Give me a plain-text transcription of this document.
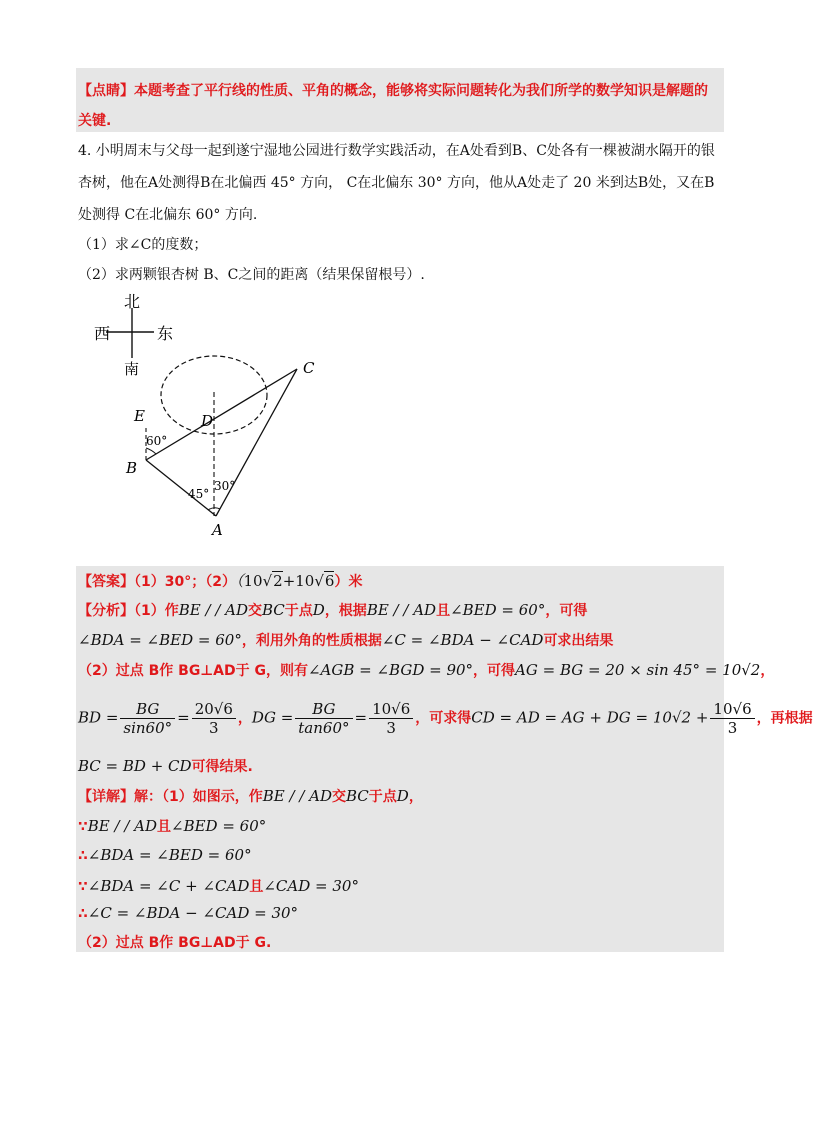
【点睛】本题考查了平行线的性质、平角的概念，能够将实际问题转化为我们所学的数学知识是解题的
关键.
4. 小明周末与父母一起到遂宁湿地公园进行数学实践活动，在A处看到B、C处各有一棵被湖水隔开的银
杏树，他在A处测得B在北偏西 45° 方向， C在北偏东 30° 方向，他从A处走了 20 米到达B处，又在B
处测得 C在北偏东 60° 方向.
（1）求∠C的度数；
（2）求两颗银杏树 B、C之间的距离（结果保留根号）.
北
西	东
南	C
E	D
B
A
60°
45°
30°
【答案】（1）30°；（2）（10√2+10√6）米
【分析】（1）作BE / / AD交BC于点D，根据BE / / AD且∠BED = 60°，可得
∠BDA = ∠BED = 60°，利用外角的性质根据∠C = ∠BDA − ∠CAD可求出结果
（2）过点 B作 BG⊥AD于 G，则有∠AGB = ∠BGD = 90°，可得AG = BG = 20 × sin 45° = 10√2，
BD = $\frac{BG}{\sin 60^\circ} = \frac{20√6}{3}$ ，DG = $\frac{BG}{\tan 60^\circ} = \frac{10√6}{3}$ ，可求得CD = AD = AG + DG = $10√2 + \frac{10√6}{3}$ ，再根据
BC = BD + CD可得结果.
【详解】解：（1）如图示，作BE / / AD交BC于点D，
∵BE / / AD且∠BED = 60°
∴∠BDA = ∠BED = 60°
∵∠BDA = ∠C + ∠CAD且∠CAD = 30°
∴∠C = ∠BDA − ∠CAD = 30°
（2）过点 B作 BG⊥AD于 G.
